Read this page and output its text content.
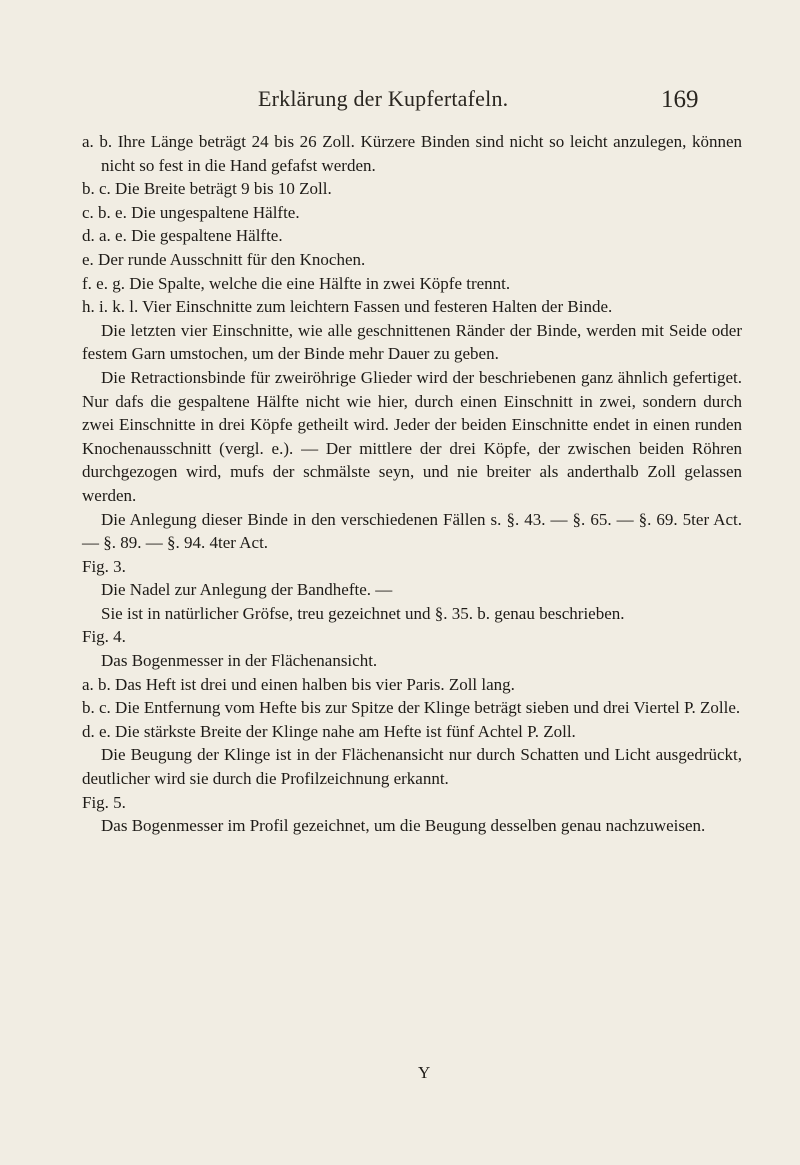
Erklärung der Kupfertafeln.	169

a. b. Ihre Länge beträgt 24 bis 26 Zoll. Kürzere Binden sind nicht so leicht anzulegen, können nicht so fest in die Hand gefafst werden.

b. c. Die Breite beträgt 9 bis 10 Zoll.

c. b. e. Die ungespaltene Hälfte.

d. a. e. Die gespaltene Hälfte.

e. Der runde Ausschnitt für den Knochen.

f. e. g. Die Spalte, welche die eine Hälfte in zwei Köpfe trennt.

h. i. k. l. Vier Einschnitte zum leichtern Fassen und festeren Halten der Binde.

Die letzten vier Einschnitte, wie alle geschnittenen Ränder der Binde, werden mit Seide oder festem Garn umstochen, um der Binde mehr Dauer zu geben.

Die Retractionsbinde für zweiröhrige Glieder wird der beschriebenen ganz ähnlich gefertiget. Nur dafs die gespaltene Hälfte nicht wie hier, durch einen Einschnitt in zwei, sondern durch zwei Einschnitte in drei Köpfe getheilt wird. Jeder der beiden Einschnitte endet in einen runden Knochenausschnitt (vergl. e.). — Der mittlere der drei Köpfe, der zwischen beiden Röhren durchgezogen wird, mufs der schmälste seyn, und nie breiter als anderthalb Zoll gelassen werden.

Die Anlegung dieser Binde in den verschiedenen Fällen s. §. 43. — §. 65. — §. 69. 5ter Act. — §. 89. — §. 94. 4ter Act.

Fig. 3.

Die Nadel zur Anlegung der Bandhefte. —

Sie ist in natürlicher Gröfse, treu gezeichnet und §. 35. b. genau beschrieben.

Fig. 4.

Das Bogenmesser in der Flächenansicht.

a. b. Das Heft ist drei und einen halben bis vier Paris. Zoll lang.

b. c. Die Entfernung vom Hefte bis zur Spitze der Klinge beträgt sieben und drei Viertel P. Zolle.

d. e. Die stärkste Breite der Klinge nahe am Hefte ist fünf Achtel P. Zoll.

Die Beugung der Klinge ist in der Flächenansicht nur durch Schatten und Licht ausgedrückt, deutlicher wird sie durch die Profilzeichnung erkannt.

Fig. 5.

Das Bogenmesser im Profil gezeichnet, um die Beugung desselben genau nachzuweisen.

Y
